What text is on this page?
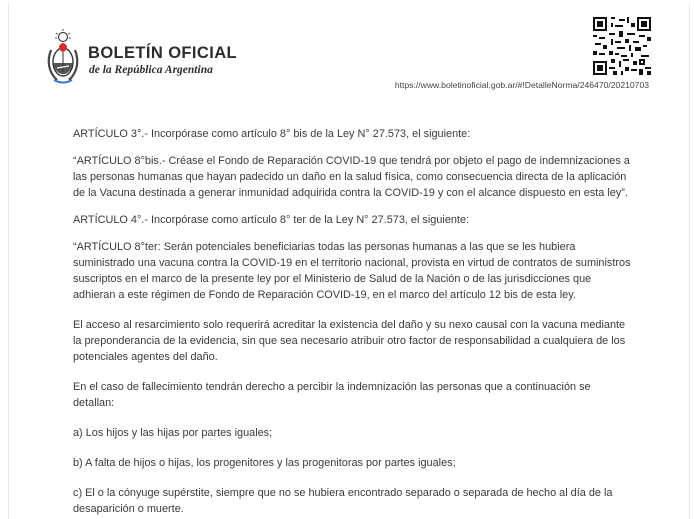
BOLETÍN OFICIAL
de la República Argentina
https://www.boletinoficial.gob.ar/#!DetalleNorma/246470/20210703

ARTÍCULO 3°.- Incorpórase como artículo 8° bis de la Ley N° 27.573, el siguiente:

“ARTÍCULO 8°bis.- Créase el Fondo de Reparación COVID-19 que tendrá por objeto el pago de indemnizaciones a
las personas humanas que hayan padecido un daño en la salud física, como consecuencia directa de la aplicación
de la Vacuna destinada a generar inmunidad adquirida contra la COVID-19 y con el alcance dispuesto en esta ley”.

ARTÍCULO 4°.- Incorpórase como artículo 8° ter de la Ley N° 27.573, el siguiente:

“ARTÍCULO 8°ter: Serán potenciales beneficiarias todas las personas humanas a las que se les hubiera
suministrado una vacuna contra la COVID-19 en el territorio nacional, provista en virtud de contratos de suministros
suscriptos en el marco de la presente ley por el Ministerio de Salud de la Nación o de las jurisdicciones que
adhieran a este régimen de Fondo de Reparación COVID-19, en el marco del artículo 12 bis de esta ley.

El acceso al resarcimiento solo requerirá acreditar la existencia del daño y su nexo causal con la vacuna mediante
la preponderancia de la evidencia, sin que sea necesario atribuir otro factor de responsabilidad a cualquiera de los
potenciales agentes del daño.

En el caso de fallecimiento tendrán derecho a percibir la indemnización las personas que a continuación se
detallan:

a) Los hijos y las hijas por partes iguales;

b) A falta de hijos o hijas, los progenitores y las progenitoras por partes iguales;

c) El o la cónyuge supérstite, siempre que no se hubiera encontrado separado o separada de hecho al día de la
desaparición o muerte.
